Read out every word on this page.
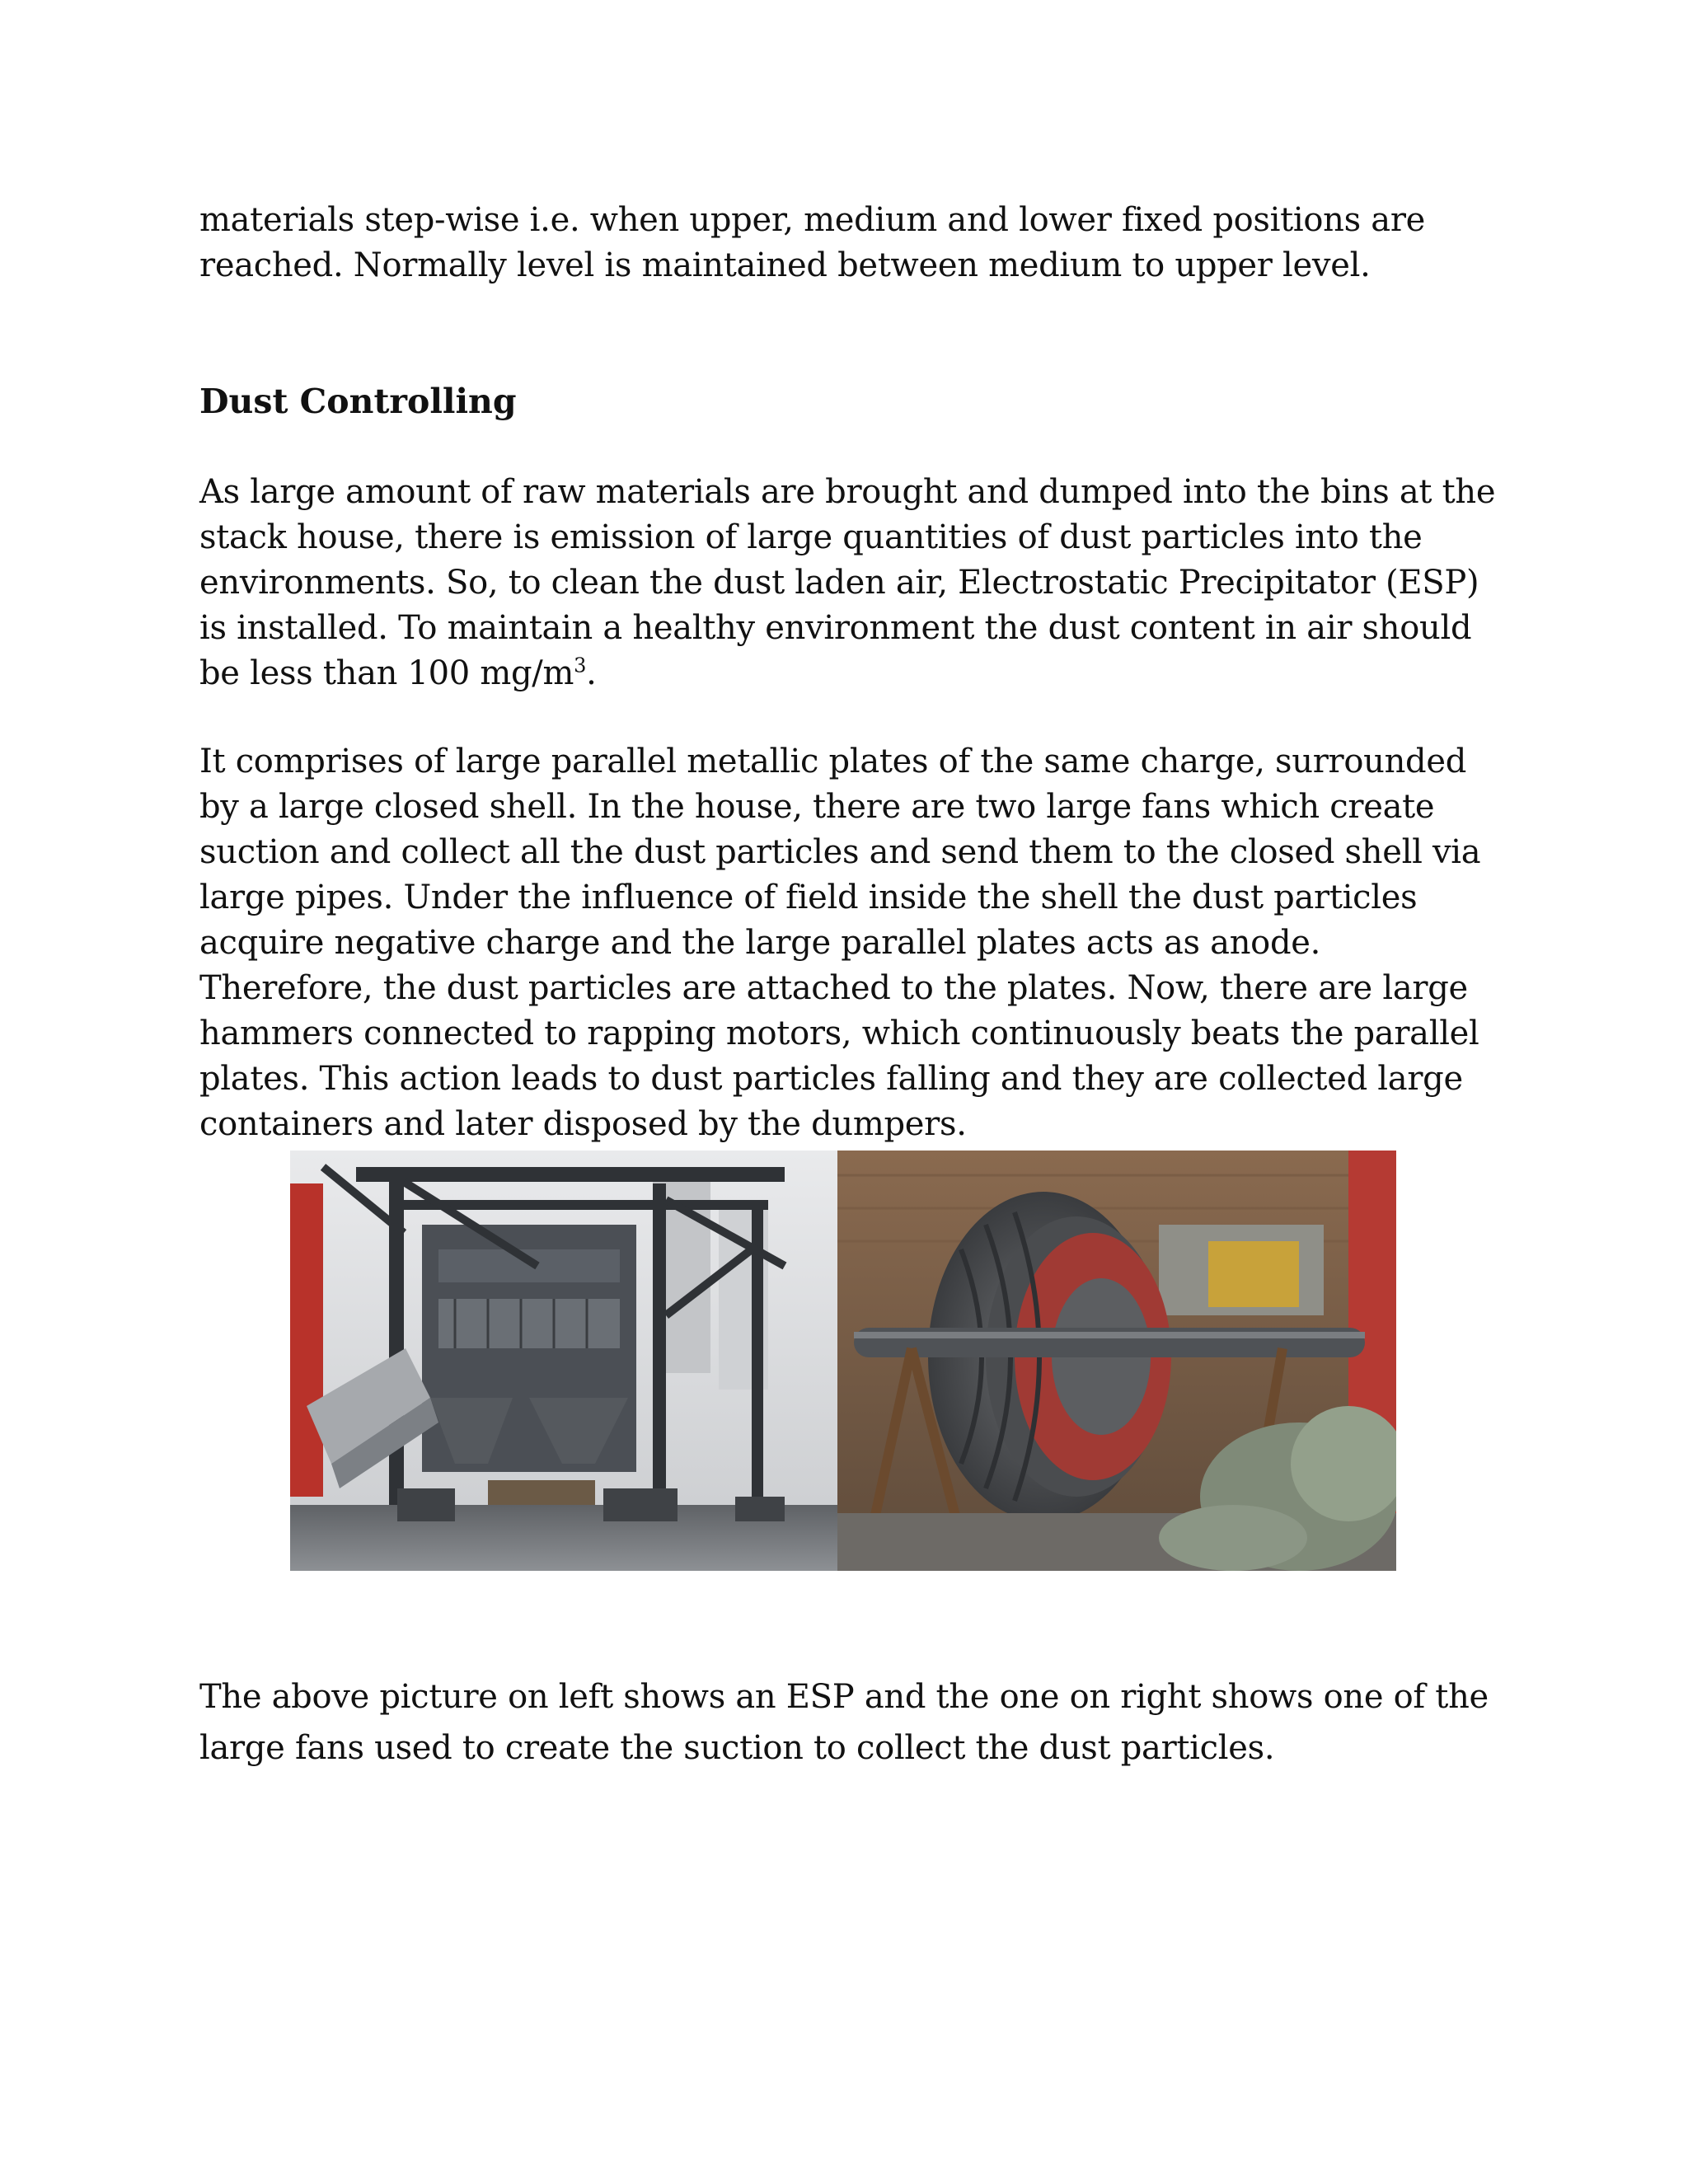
materials step-wise i.e. when upper, medium and lower fixed positions are reached. Normally level is maintained between medium to upper level.

Dust Controlling

As large amount of raw materials are brought and dumped into the bins at the stack house, there is emission of large quantities of dust particles into the environments. So, to clean the dust laden air, Electrostatic Precipitator (ESP) is installed. To maintain a healthy environment the dust content in air should be less than 100 $mg/m^3$.

It comprises of large parallel metallic plates of the same charge, surrounded by a large closed shell. In the house, there are two large fans which create suction and collect all the dust particles and send them to the closed shell via large pipes. Under the influence of field inside the shell the dust particles acquire negative charge and the large parallel plates acts as anode. Therefore, the dust particles are attached to the plates. Now, there are large hammers connected to rapping motors, which continuously beats the parallel plates. This action leads to dust particles falling and they are collected large containers and later disposed by the dumpers.

The above picture on left shows an ESP and the one on right shows one of the large fans used to create the suction to collect the dust particles.
